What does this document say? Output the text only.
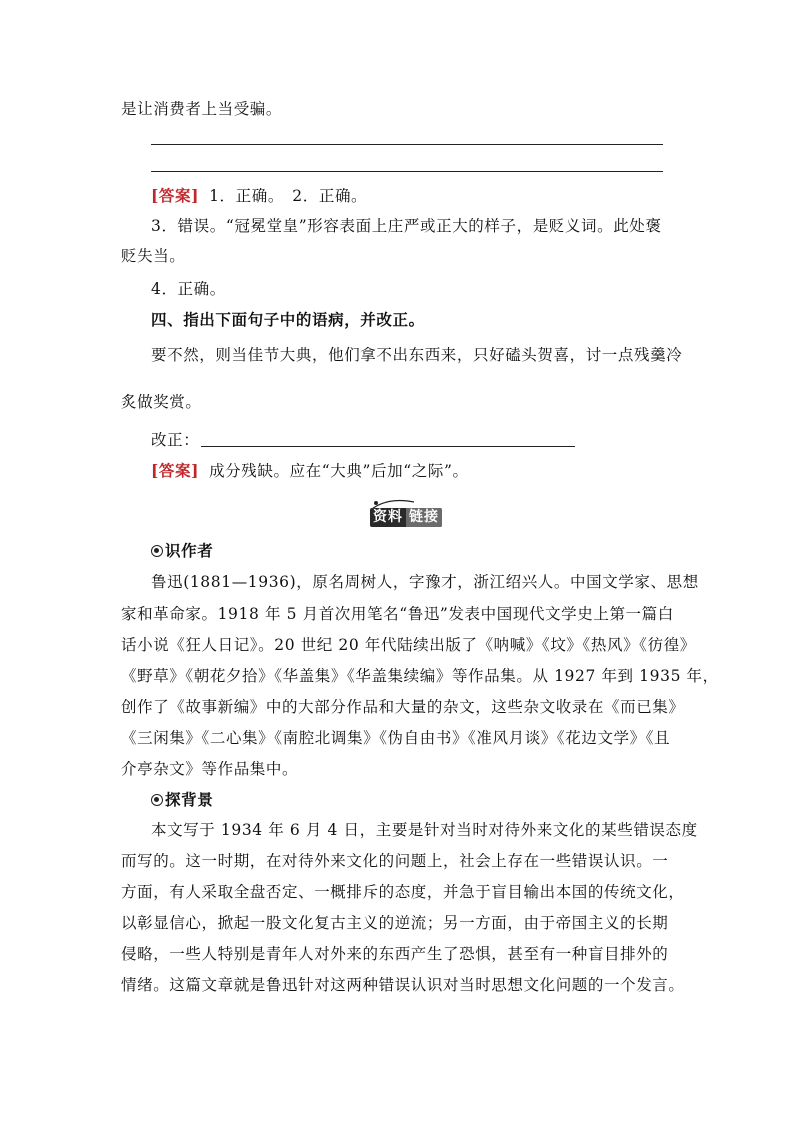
是让消费者上当受骗。
[答案] 1．正确。　2．正确。
3．错误。“冠冕堂皇”形容表面上庄严或正大的样子，是贬义词。此处褒
贬失当。
4．正确。
四、指出下面句子中的语病，并改正。
要不然，则当佳节大典，他们拿不出东西来，只好磕头贺喜，讨一点残羹冷
炙做奖赏。
改正：
[答案] 成分残缺。应在“大典”后加“之际”。
资料 链接
识作者
鲁迅(1881—1936)，原名周树人，字豫才，浙江绍兴人。中国文学家、思想
家和革命家。1918 年 5 月首次用笔名“鲁迅”发表中国现代文学史上第一篇白
话小说《狂人日记》。20 世纪 20 年代陆续出版了《呐喊》《坟》《热风》《彷徨》
《野草》《朝花夕拾》《华盖集》《华盖集续编》等作品集。从 1927 年到 1935 年，
创作了《故事新编》中的大部分作品和大量的杂文，这些杂文收录在《而已集》
《三闲集》《二心集》《南腔北调集》《伪自由书》《准风月谈》《花边文学》《且
介亭杂文》等作品集中。
探背景
本文写于 1934 年 6 月 4 日，主要是针对当时对待外来文化的某些错误态度
而写的。这一时期，在对待外来文化的问题上，社会上存在一些错误认识。一
方面，有人采取全盘否定、一概排斥的态度，并急于盲目输出本国的传统文化，
以彰显信心，掀起一股文化复古主义的逆流；另一方面，由于帝国主义的长期
侵略，一些人特别是青年人对外来的东西产生了恐惧，甚至有一种盲目排外的
情绪。这篇文章就是鲁迅针对这两种错误认识对当时思想文化问题的一个发言。
